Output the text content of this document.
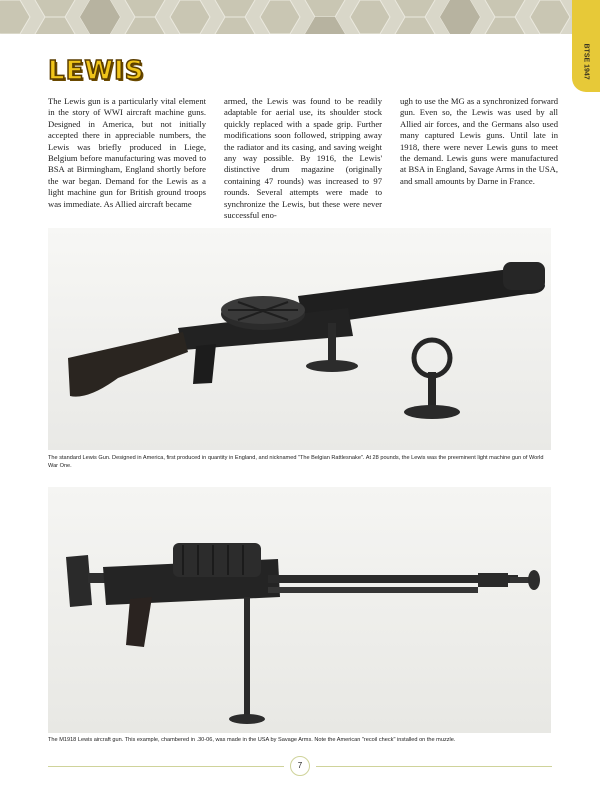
BTSE 1947
LEWIS

The Lewis gun is a particularly vital element in the story of WWI aircraft machine guns. Designed in America, but not initially accepted there in appreciable numbers, the Lewis was briefly produced in Liege, Belgium before manufacturing was moved to BSA at Birmingham, England shortly before the war began. Demand for the Lewis as a light machine gun for British ground troops was immediate. As Allied aircraft became

armed, the Lewis was found to be readily adaptable for aerial use, its shoulder stock quickly replaced with a spade grip. Further modifications soon followed, stripping away the radiator and its casing, and saving weight any way possible. By 1916, the Lewis' distinctive drum magazine (originally containing 47 rounds) was increased to 97 rounds. Several attempts were made to synchronize the Lewis, but these were never successful eno-

ugh to use the MG as a synchronized forward gun. Even so, the Lewis was used by all Allied air forces, and the Germans also used many captured Lewis guns. Until late in 1918, there were never Lewis guns to meet the demand. Lewis guns were manufactured at BSA in England, Savage Arms in the USA, and small amounts by Darne in France.

The standard Lewis Gun. Designed in America, first produced in quantity in England, and nicknamed "The Belgian Rattlesnake". At 28 pounds, the Lewis was the preeminent light machine gun of World War One.

The M1918 Lewis aircraft gun. This example, chambered in .30-06, was made in the USA by Savage Arms. Note the American "recoil check" installed on the muzzle.

7
